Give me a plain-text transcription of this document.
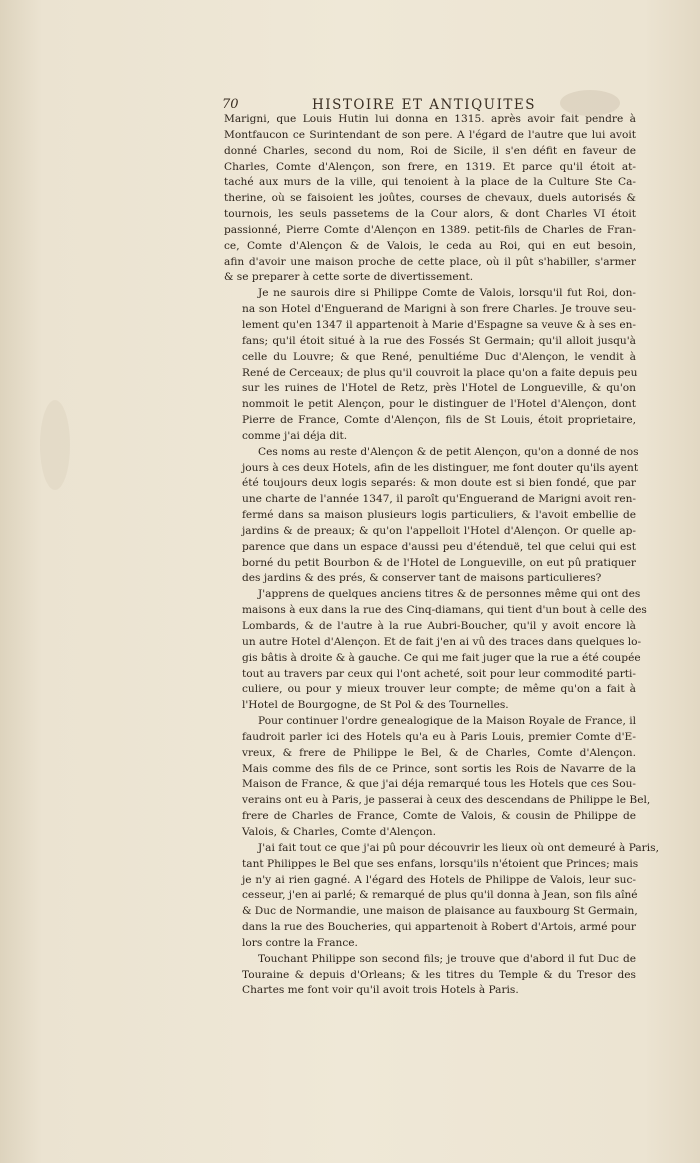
70	HISTOIRE ET ANTIQUITES
Marigni, que Louis Hutin lui donna en 1315. après avoir fait pendre à
Montfaucon ce Surintendant de son pere. A l'égard de l'autre que lui avoit
donné Charles, second du nom, Roi de Sicile, il s'en défit en faveur de
Charles, Comte d'Alençon, son frere, en 1319. Et parce qu'il étoit at-
taché aux murs de la ville, qui tenoient à la place de la Culture Ste Ca-
therine, où se faisoient les joûtes, courses de chevaux, duels autorisés &
tournois, les seuls passetems de la Cour alors, & dont Charles VI étoit
passionné, Pierre Comte d'Alençon en 1389. petit-fils de Charles de Fran-
ce, Comte d'Alençon & de Valois, le ceda au Roi, qui en eut besoin,
afin d'avoir une maison proche de cette place, où il pût s'habiller, s'armer
& se preparer à cette sorte de divertissement.
Je ne saurois dire si Philippe Comte de Valois, lorsqu'il fut Roi, don-
na son Hotel d'Enguerand de Marigni à son frere Charles. Je trouve seu-
lement qu'en 1347 il appartenoit à Marie d'Espagne sa veuve & à ses en-
fans; qu'il étoit situé à la rue des Fossés St Germain; qu'il alloit jusqu'à
celle du Louvre; & que René, penultiéme Duc d'Alençon, le vendit à
René de Cerceaux; de plus qu'il couvroit la place qu'on a faite depuis peu
sur les ruines de l'Hotel de Retz, près l'Hotel de Longueville, & qu'on
nommoit le petit Alençon, pour le distinguer de l'Hotel d'Alençon, dont
Pierre de France, Comte d'Alençon, fils de St Louis, étoit proprietaire,
comme j'ai déja dit.
Ces noms au reste d'Alençon & de petit Alençon, qu'on a donné de nos
jours à ces deux Hotels, afin de les distinguer, me font douter qu'ils ayent
été toujours deux logis separés: & mon doute est si bien fondé, que par
une charte de l'année 1347, il paroît qu'Enguerand de Marigni avoit ren-
fermé dans sa maison plusieurs logis particuliers, & l'avoit embellie de
jardins & de preaux; & qu'on l'appelloit l'Hotel d'Alençon. Or quelle ap-
parence que dans un espace d'aussi peu d'étenduë, tel que celui qui est
borné du petit Bourbon & de l'Hotel de Longueville, on eut pû pratiquer
des jardins & des prés, & conserver tant de maisons particulieres?
J'apprens de quelques anciens titres & de personnes même qui ont des
maisons à eux dans la rue des Cinq-diamans, qui tient d'un bout à celle des
Lombards, & de l'autre à la rue Aubri-Boucher, qu'il y avoit encore là
un autre Hotel d'Alençon. Et de fait j'en ai vû des traces dans quelques lo-
gis bâtis à droite & à gauche. Ce qui me fait juger que la rue a été coupée
tout au travers par ceux qui l'ont acheté, soit pour leur commodité parti-
culiere, ou pour y mieux trouver leur compte; de même qu'on a fait à
l'Hotel de Bourgogne, de St Pol & des Tournelles.
Pour continuer l'ordre genealogique de la Maison Royale de France, il
faudroit parler ici des Hotels qu'a eu à Paris Louis, premier Comte d'E-
vreux, & frere de Philippe le Bel, & de Charles, Comte d'Alençon.
Mais comme des fils de ce Prince, sont sortis les Rois de Navarre de la
Maison de France, & que j'ai déja remarqué tous les Hotels que ces Sou-
verains ont eu à Paris, je passerai à ceux des descendans de Philippe le Bel,
frere de Charles de France, Comte de Valois, & cousin de Philippe de
Valois, & Charles, Comte d'Alençon.
J'ai fait tout ce que j'ai pû pour découvrir les lieux où ont demeuré à Paris,
tant Philippes le Bel que ses enfans, lorsqu'ils n'étoient que Princes; mais
je n'y ai rien gagné. A l'égard des Hotels de Philippe de Valois, leur suc-
cesseur, j'en ai parlé; & remarqué de plus qu'il donna à Jean, son fils aîné
& Duc de Normandie, une maison de plaisance au fauxbourg St Germain,
dans la rue des Boucheries, qui appartenoit à Robert d'Artois, armé pour
lors contre la France.
Touchant Philippe son second fils; je trouve que d'abord il fut Duc de
Touraine & depuis d'Orleans; & les titres du Temple & du Tresor des
Chartes me font voir qu'il avoit trois Hotels à Paris.
